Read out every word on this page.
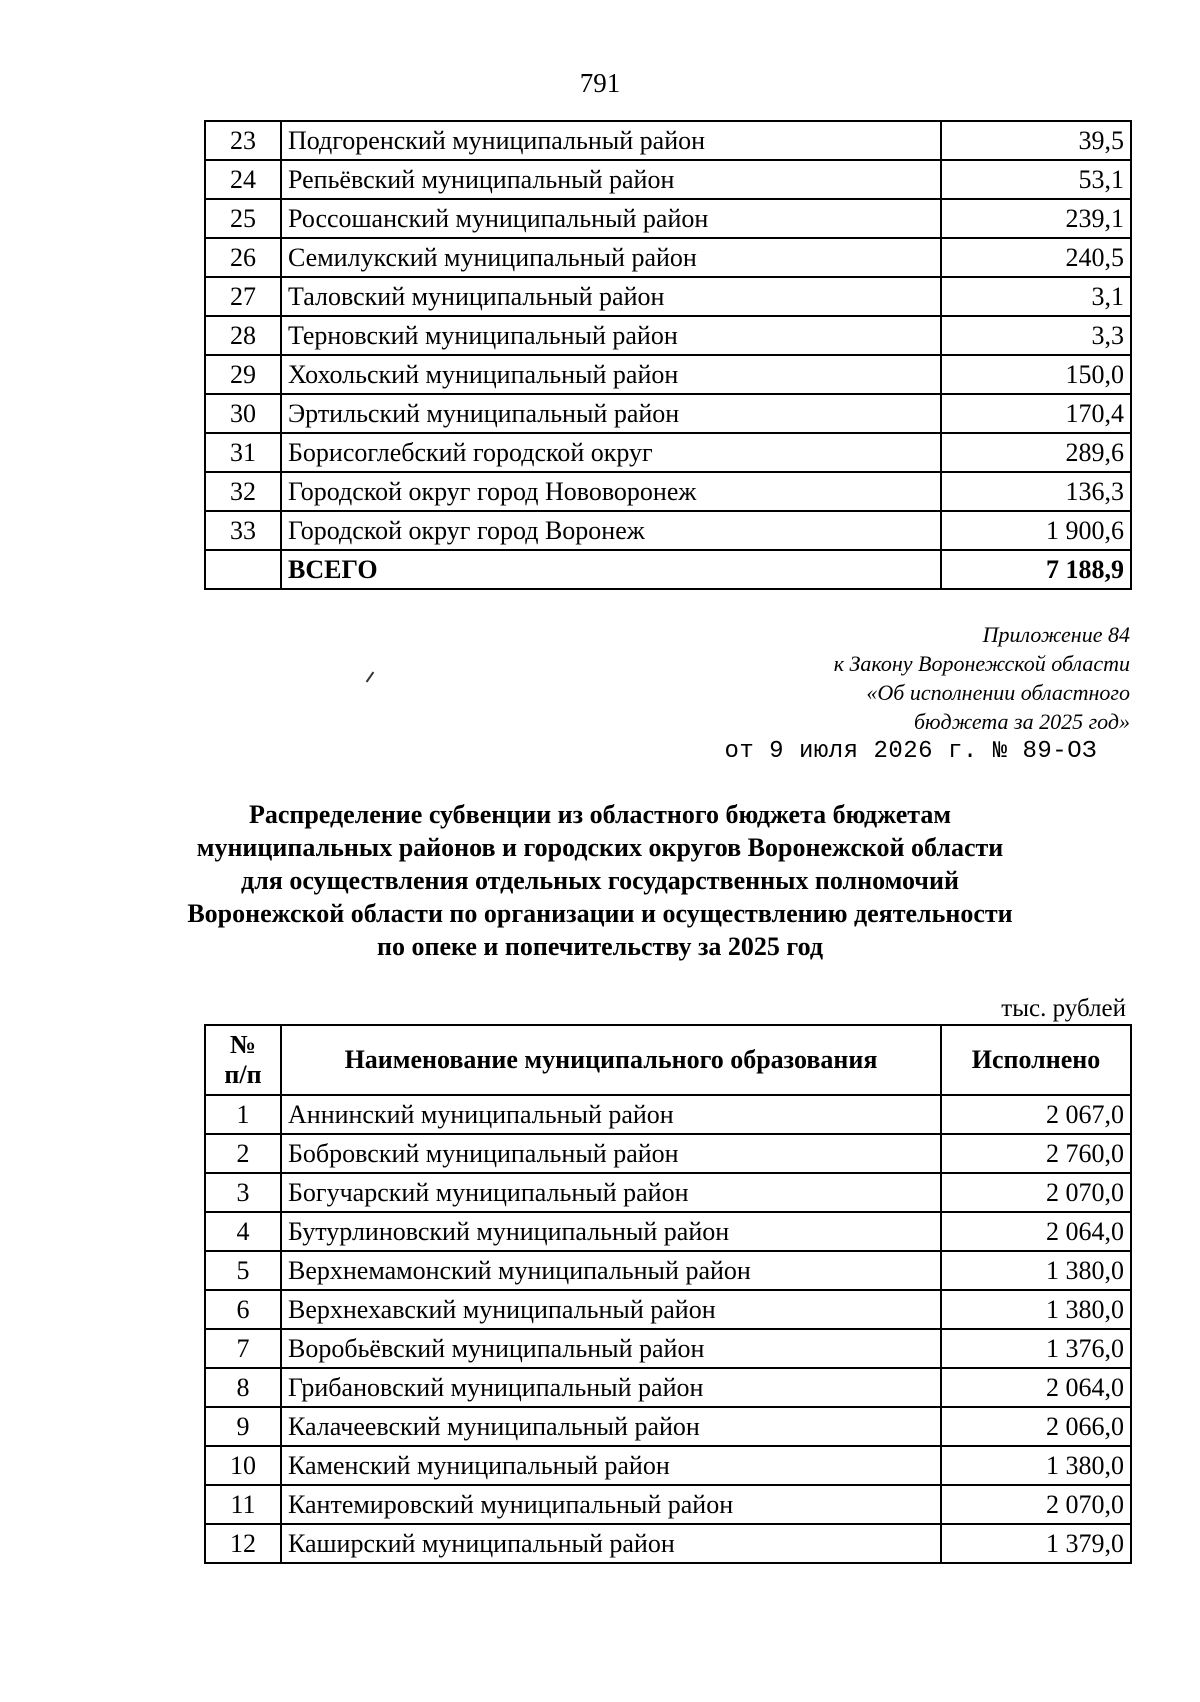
791
23	Подгоренский муниципальный район	39,5
24	Репьёвский муниципальный район	53,1
25	Россошанский муниципальный район	239,1
26	Семилукский муниципальный район	240,5
27	Таловский муниципальный район	3,1
28	Терновский муниципальный район	3,3
29	Хохольский муниципальный район	150,0
30	Эртильский муниципальный район	170,4
31	Борисоглебский городской округ	289,6
32	Городской округ город Нововоронеж	136,3
33	Городской округ город Воронеж	1 900,6
	ВСЕГО	7 188,9
Приложение 84
к Закону Воронежской области
«Об исполнении областного
бюджета за 2025 год»
от 9 июля 2026 г. № 89-ОЗ
Распределение субвенции из областного бюджета бюджетам
муниципальных районов и городских округов Воронежской области
для осуществления отдельных государственных полномочий
Воронежской области по организации и осуществлению деятельности
по опеке и попечительству за 2025 год
тыс. рублей
№
п/п	Наименование муниципального образования	Исполнено
1	Аннинский муниципальный район	2 067,0
2	Бобровский муниципальный район	2 760,0
3	Богучарский муниципальный район	2 070,0
4	Бутурлиновский муниципальный район	2 064,0
5	Верхнемамонский муниципальный район	1 380,0
6	Верхнехавский муниципальный район	1 380,0
7	Воробьёвский муниципальный район	1 376,0
8	Грибановский муниципальный район	2 064,0
9	Калачеевский муниципальный район	2 066,0
10	Каменский муниципальный район	1 380,0
11	Кантемировский муниципальный район	2 070,0
12	Каширский муниципальный район	1 379,0
